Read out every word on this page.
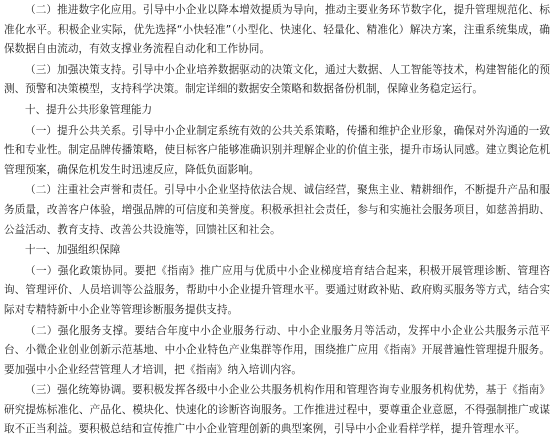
（二）推进数字化应用。引导中小企业以降本增效提质为导向，推动主要业务环节数字化，提升管理规范化、标准化水平。积极企业实际，优先选择“小快轻准”（小型化、快速化、轻量化、精准化）解决方案，注重系统集成，确保数据自由流动，有效支撑业务流程自动化和工作协同。

（三）加强决策支持。引导中小企业培养数据驱动的决策文化，通过大数据、人工智能等技术，构建智能化的预测、预警和决策模型，支持科学决策。制定详细的数据安全策略和数据备份机制，保障业务稳定运行。

十、提升公共形象管理能力

（一）提升公共关系。引导中小企业制定系统有效的公共关系策略，传播和维护企业形象，确保对外沟通的一致性和专业性。制定品牌传播策略，使目标客户能够准确识别并理解企业的价值主张，提升市场认同感。建立舆论危机管理预案，确保危机发生时迅速反应，降低负面影响。

（二）注重社会声誉和责任。引导中小企业坚持依法合规、诚信经营，聚焦主业、精耕细作，不断提升产品和服务质量，改善客户体验，增强品牌的可信度和美誉度。积极承担社会责任，参与和实施社会服务项目，如慈善捐助、公益活动、教育支持、改善公共设施等，回馈社区和社会。

十一、加强组织保障

（一）强化政策协同。要把《指南》推广应用与优质中小企业梯度培育结合起来，积极开展管理诊断、管理咨询、管理评价、人员培训等公益服务，帮助中小企业提升管理水平。要通过财政补贴、政府购买服务等方式，结合实际对专精特新中小企业等管理诊断服务提供支持。

（二）强化服务支撑。要结合年度中小企业服务行动、中小企业服务月等活动，发挥中小企业公共服务示范平台、小微企业创业创新示范基地、中小企业特色产业集群等作用，围绕推广应用《指南》开展普遍性管理提升服务。要加强中小企业经营管理人才培训，把《指南》纳入培训内容。

（三）强化统筹协调。要积极发挥各级中小企业公共服务机构作用和管理咨询专业服务机构优势，基于《指南》研究提炼标准化、产品化、模块化、快速化的诊断咨询服务。工作推进过程中，要尊重企业意愿，不得强制推广或谋取不正当利益。要积极总结和宣传推广中小企业管理创新的典型案例，引导中小企业看样学样，提升管理水平。
